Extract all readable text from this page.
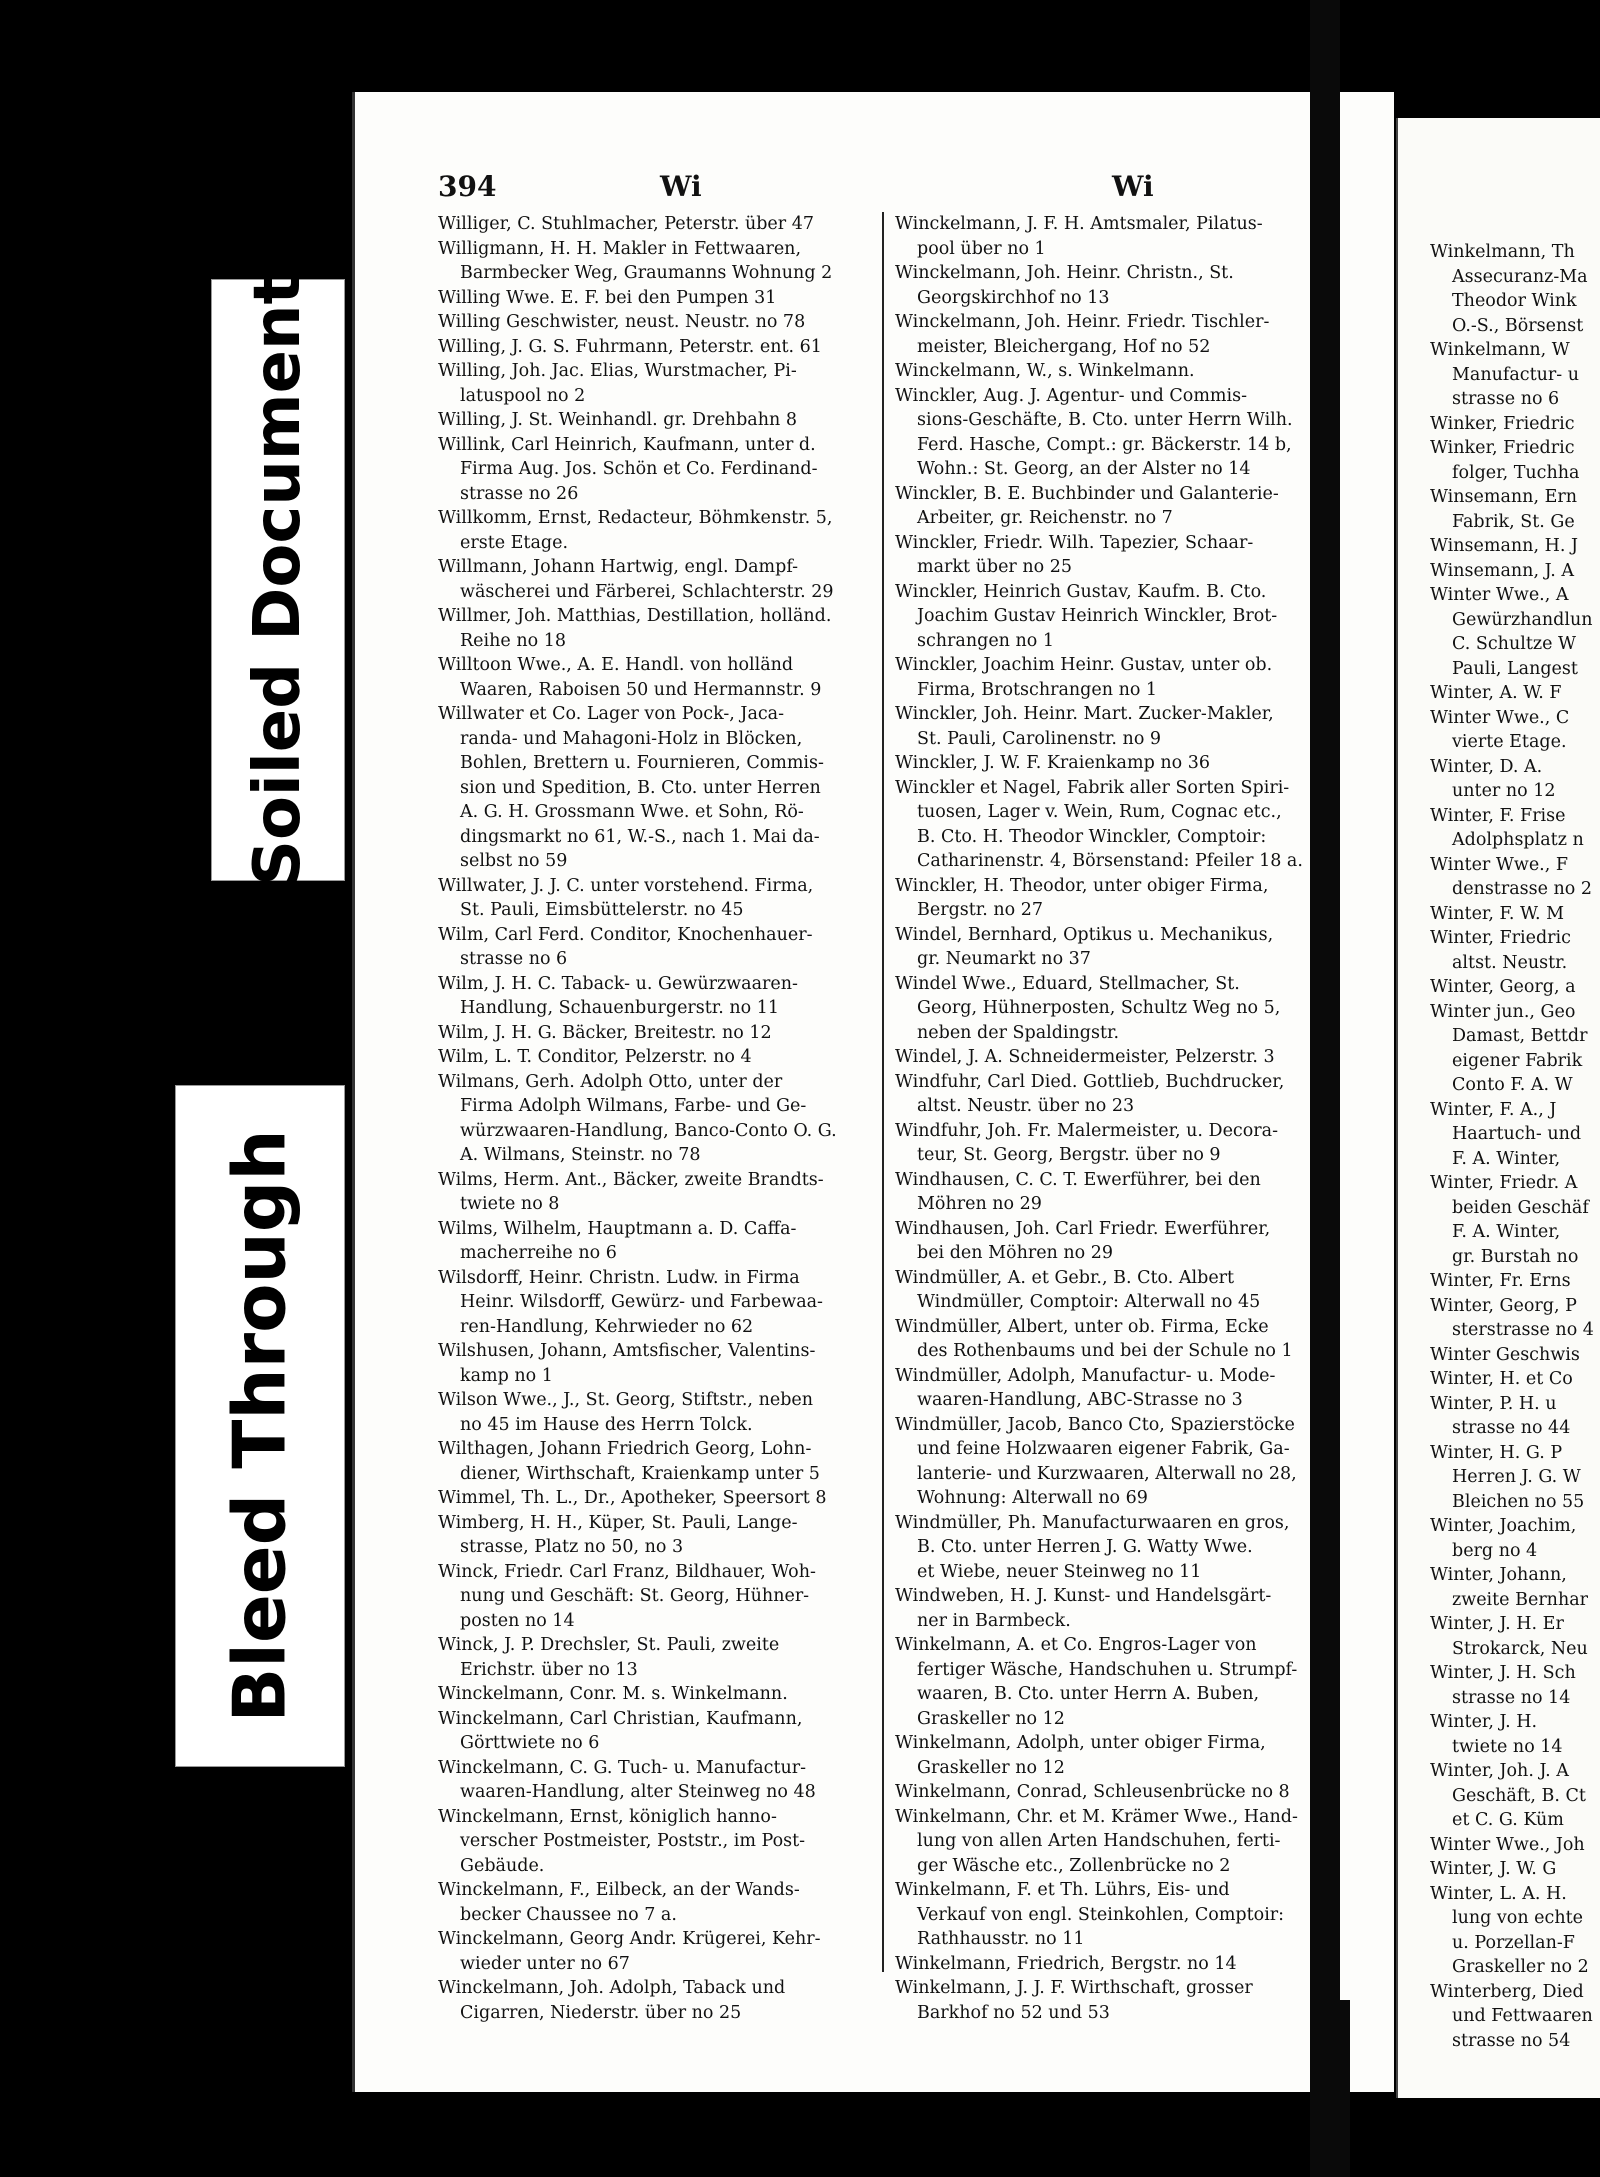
Soiled Document
Bleed Through
394	Wi	Wi
Williger, C. Stuhlmacher, Peterstr. über 47
Willigmann, H. H. Makler in Fettwaaren,
Barmbecker Weg, Graumanns Wohnung 2
Willing Wwe. E. F. bei den Pumpen 31
Willing Geschwister, neust. Neustr. no 78
Willing, J. G. S. Fuhrmann, Peterstr. ent. 61
Willing, Joh. Jac. Elias, Wurstmacher, Pi-
latuspool no 2
Willing, J. St. Weinhandl. gr. Drehbahn 8
Willink, Carl Heinrich, Kaufmann, unter d.
Firma Aug. Jos. Schön et Co. Ferdinand-
strasse no 26
Willkomm, Ernst, Redacteur, Böhmkenstr. 5,
erste Etage.
Willmann, Johann Hartwig, engl. Dampf-
wäscherei und Färberei, Schlachterstr. 29
Willmer, Joh. Matthias, Destillation, holländ.
Reihe no 18
Willtoon Wwe., A. E. Handl. von holländ
Waaren, Raboisen 50 und Hermannstr. 9
Willwater et Co. Lager von Pock-, Jaca-
randa- und Mahagoni-Holz in Blöcken,
Bohlen, Brettern u. Fournieren, Commis-
sion und Spedition, B. Cto. unter Herren
A. G. H. Grossmann Wwe. et Sohn, Rö-
dingsmarkt no 61, W.-S., nach 1. Mai da-
selbst no 59
Willwater, J. J. C. unter vorstehend. Firma,
St. Pauli, Eimsbüttelerstr. no 45
Wilm, Carl Ferd. Conditor, Knochenhauer-
strasse no 6
Wilm, J. H. C. Taback- u. Gewürzwaaren-
Handlung, Schauenburgerstr. no 11
Wilm, J. H. G. Bäcker, Breitestr. no 12
Wilm, L. T. Conditor, Pelzerstr. no 4
Wilmans, Gerh. Adolph Otto, unter der
Firma Adolph Wilmans, Farbe- und Ge-
würzwaaren-Handlung, Banco-Conto O. G.
A. Wilmans, Steinstr. no 78
Wilms, Herm. Ant., Bäcker, zweite Brandts-
twiete no 8
Wilms, Wilhelm, Hauptmann a. D. Caffa-
macherreihe no 6
Wilsdorff, Heinr. Christn. Ludw. in Firma
Heinr. Wilsdorff, Gewürz- und Farbewaa-
ren-Handlung, Kehrwieder no 62
Wilshusen, Johann, Amtsfischer, Valentins-
kamp no 1
Wilson Wwe., J., St. Georg, Stiftstr., neben
no 45 im Hause des Herrn Tolck.
Wilthagen, Johann Friedrich Georg, Lohn-
diener, Wirthschaft, Kraienkamp unter 5
Wimmel, Th. L., Dr., Apotheker, Speersort 8
Wimberg, H. H., Küper, St. Pauli, Lange-
strasse, Platz no 50, no 3
Winck, Friedr. Carl Franz, Bildhauer, Woh-
nung und Geschäft: St. Georg, Hühner-
posten no 14
Winck, J. P. Drechsler, St. Pauli, zweite
Erichstr. über no 13
Winckelmann, Conr. M. s. Winkelmann.
Winckelmann, Carl Christian, Kaufmann,
Görttwiete no 6
Winckelmann, C. G. Tuch- u. Manufactur-
waaren-Handlung, alter Steinweg no 48
Winckelmann, Ernst, königlich hanno-
verscher Postmeister, Poststr., im Post-
Gebäude.
Winckelmann, F., Eilbeck, an der Wands-
becker Chaussee no 7 a.
Winckelmann, Georg Andr. Krügerei, Kehr-
wieder unter no 67
Winckelmann, Joh. Adolph, Taback und
Cigarren, Niederstr. über no 25
Winckelmann, J. F. H. Amtsmaler, Pilatus-
pool über no 1
Winckelmann, Joh. Heinr. Christn., St.
Georgskirchhof no 13
Winckelmann, Joh. Heinr. Friedr. Tischler-
meister, Bleichergang, Hof no 52
Winckelmann, W., s. Winkelmann.
Winckler, Aug. J. Agentur- und Commis-
sions-Geschäfte, B. Cto. unter Herrn Wilh.
Ferd. Hasche, Compt.: gr. Bäckerstr. 14 b,
Wohn.: St. Georg, an der Alster no 14
Winckler, B. E. Buchbinder und Galanterie-
Arbeiter, gr. Reichenstr. no 7
Winckler, Friedr. Wilh. Tapezier, Schaar-
markt über no 25
Winckler, Heinrich Gustav, Kaufm. B. Cto.
Joachim Gustav Heinrich Winckler, Brot-
schrangen no 1
Winckler, Joachim Heinr. Gustav, unter ob.
Firma, Brotschrangen no 1
Winckler, Joh. Heinr. Mart. Zucker-Makler,
St. Pauli, Carolinenstr. no 9
Winckler, J. W. F. Kraienkamp no 36
Winckler et Nagel, Fabrik aller Sorten Spiri-
tuosen, Lager v. Wein, Rum, Cognac etc.,
B. Cto. H. Theodor Winckler, Comptoir:
Catharinenstr. 4, Börsenstand: Pfeiler 18 a.
Winckler, H. Theodor, unter obiger Firma,
Bergstr. no 27
Windel, Bernhard, Optikus u. Mechanikus,
gr. Neumarkt no 37
Windel Wwe., Eduard, Stellmacher, St.
Georg, Hühnerposten, Schultz Weg no 5,
neben der Spaldingstr.
Windel, J. A. Schneidermeister, Pelzerstr. 3
Windfuhr, Carl Died. Gottlieb, Buchdrucker,
altst. Neustr. über no 23
Windfuhr, Joh. Fr. Malermeister, u. Decora-
teur, St. Georg, Bergstr. über no 9
Windhausen, C. C. T. Ewerführer, bei den
Möhren no 29
Windhausen, Joh. Carl Friedr. Ewerführer,
bei den Möhren no 29
Windmüller, A. et Gebr., B. Cto. Albert
Windmüller, Comptoir: Alterwall no 45
Windmüller, Albert, unter ob. Firma, Ecke
des Rothenbaums und bei der Schule no 1
Windmüller, Adolph, Manufactur- u. Mode-
waaren-Handlung, ABC-Strasse no 3
Windmüller, Jacob, Banco Cto, Spazierstöcke
und feine Holzwaaren eigener Fabrik, Ga-
lanterie- und Kurzwaaren, Alterwall no 28,
Wohnung: Alterwall no 69
Windmüller, Ph. Manufacturwaaren en gros,
B. Cto. unter Herren J. G. Watty Wwe.
et Wiebe, neuer Steinweg no 11
Windweben, H. J. Kunst- und Handelsgärt-
ner in Barmbeck.
Winkelmann, A. et Co. Engros-Lager von
fertiger Wäsche, Handschuhen u. Strumpf-
waaren, B. Cto. unter Herrn A. Buben,
Graskeller no 12
Winkelmann, Adolph, unter obiger Firma,
Graskeller no 12
Winkelmann, Conrad, Schleusenbrücke no 8
Winkelmann, Chr. et M. Krämer Wwe., Hand-
lung von allen Arten Handschuhen, ferti-
ger Wäsche etc., Zollenbrücke no 2
Winkelmann, F. et Th. Lührs, Eis- und
Verkauf von engl. Steinkohlen, Comptoir:
Rathhausstr. no 11
Winkelmann, Friedrich, Bergstr. no 14
Winkelmann, J. J. F. Wirthschaft, grosser
Barkhof no 52 und 53
Winkelmann, Th
Assecuranz-Ma
Theodor Wink
O.-S., Börsenst
Winkelmann, W
Manufactur- u
strasse no 6
Winker, Friedric
Winker, Friedric
folger, Tuchha
Winsemann, Ern
Fabrik, St. Ge
Winsemann, H. J
Winsemann, J. A
Winter Wwe., A
Gewürzhandlun
C. Schultze W
Pauli, Langest
Winter, A. W. F
Winter Wwe., C
vierte Etage.
Winter, D. A.
unter no 12
Winter, F. Frise
Adolphsplatz n
Winter Wwe., F
denstrasse no 2
Winter, F. W. M
Winter, Friedric
altst. Neustr.
Winter, Georg, a
Winter jun., Geo
Damast, Bettdr
eigener Fabrik
Conto F. A. W
Winter, F. A., J
Haartuch- und
F. A. Winter,
Winter, Friedr. A
beiden Geschäf
F. A. Winter,
gr. Burstah no
Winter, Fr. Erns
Winter, Georg, P
sterstrasse no 4
Winter Geschwis
Winter, H. et Co
Winter, P. H. u
strasse no 44
Winter, H. G. P
Herren J. G. W
Bleichen no 55
Winter, Joachim,
berg no 4
Winter, Johann,
zweite Bernhar
Winter, J. H. Er
Strokarck, Neu
Winter, J. H. Sch
strasse no 14
Winter, J. H.
twiete no 14
Winter, Joh. J. A
Geschäft, B. Ct
et C. G. Küm
Winter Wwe., Joh
Winter, J. W. G
Winter, L. A. H.
lung von echte
u. Porzellan-F
Graskeller no 2
Winterberg, Died
und Fettwaaren
strasse no 54
